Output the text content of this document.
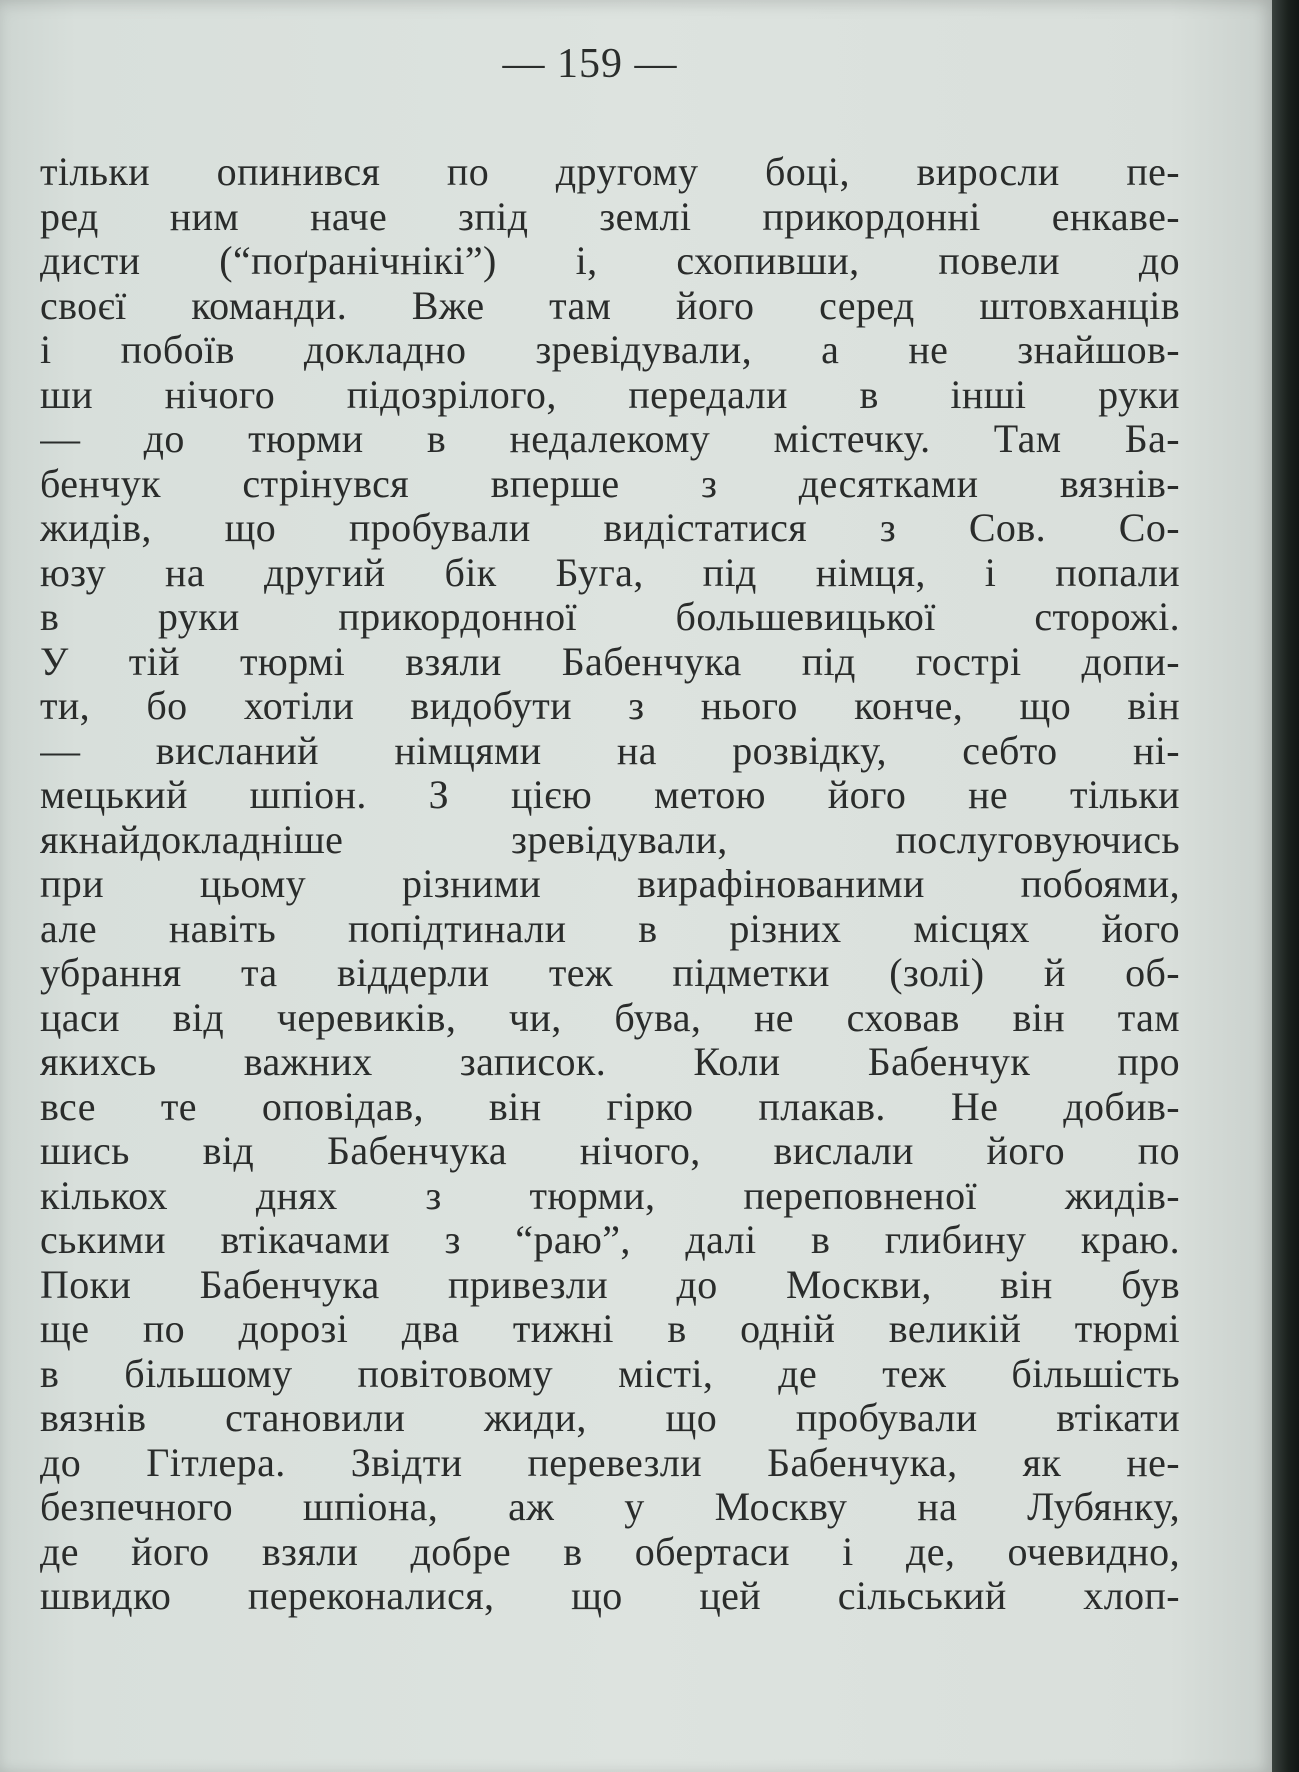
— 159 —
тільки опинився по другому боці, виросли пе-
ред ним наче зпід землі прикордонні енкаве-
дисти (“поґранічнікі”) і, схопивши, повели до
своєї команди. Вже там його серед штовханців
і побоїв докладно зревідували, а не знайшов-
ши нічого підозрілого, передали в інші руки
— до тюрми в недалекому містечку. Там Ба-
бенчук стрінувся вперше з десятками вязнів-
жидів, що пробували видістатися з Сов. Со-
юзу на другий бік Буга, під німця, і попали
в руки прикордонної большевицької сторожі.
У тій тюрмі взяли Бабенчука під гострі допи-
ти, бо хотіли видобути з нього конче, що він
— висланий німцями на розвідку, себто ні-
мецький шпіон. З цією метою його не тільки
якнайдокладніше зревідували, послуговуючись
при цьому різними вирафінованими побоями,
але навіть попідтинали в різних місцях його
убрання та віддерли теж підметки (золі) й об-
цаси від черевиків, чи, бува, не сховав він там
якихсь важних записок. Коли Бабенчук про
все те оповідав, він гірко плакав. Не добив-
шись від Бабенчука нічого, вислали його по
кількох днях з тюрми, переповненої жидів-
ськими втікачами з “раю”, далі в глибину краю.
Поки Бабенчука привезли до Москви, він був
ще по дорозі два тижні в одній великій тюрмі
в більшому повітовому місті, де теж більшість
вязнів становили жиди, що пробували втікати
до Гітлера. Звідти перевезли Бабенчука, як не-
безпечного шпіона, аж у Москву на Лубянку,
де його взяли добре в обертаси і де, очевидно,
швидко переконалися, що цей сільський хлоп-
